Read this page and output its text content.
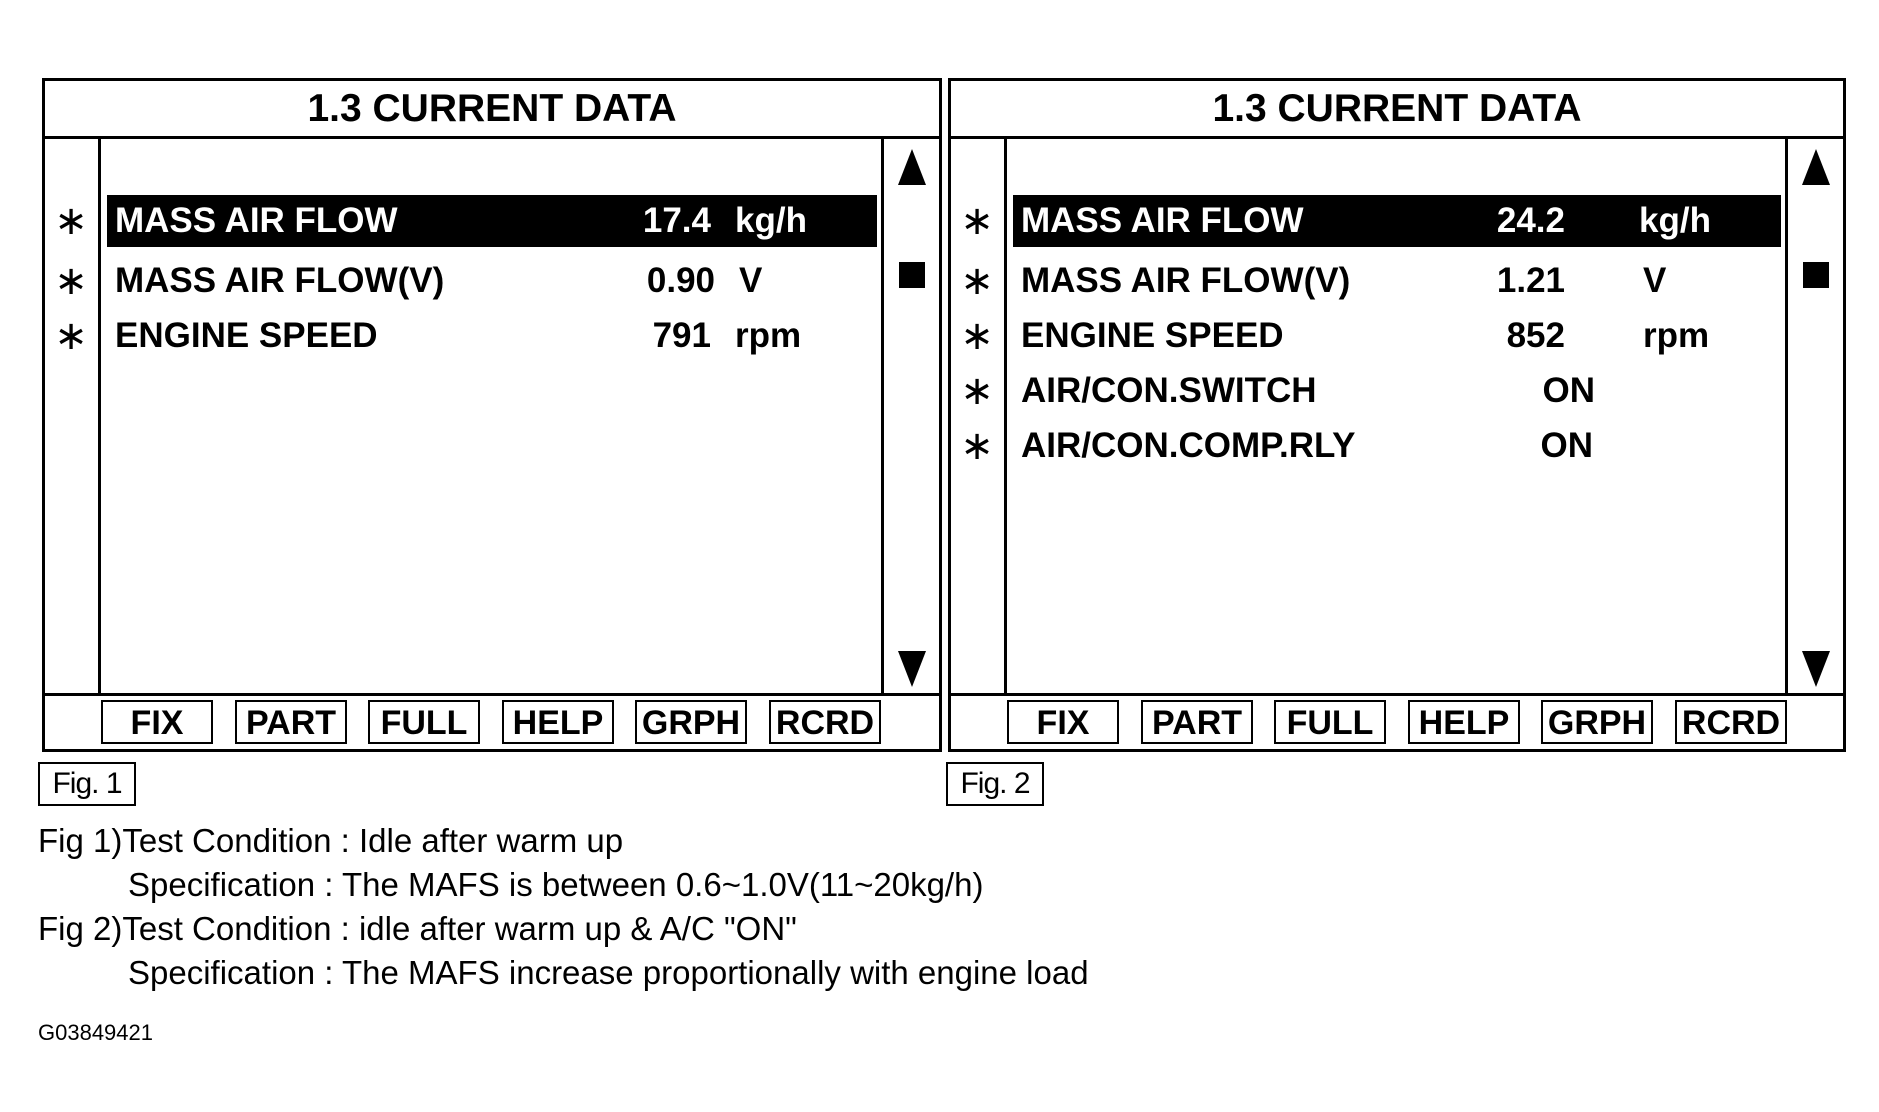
1.3 CURRENT DATA
∗ MASS AIR FLOW	17.4 kg/h
∗ MASS AIR FLOW(V)	0.90 V
∗ ENGINE SPEED	791 rpm
FIX	PART	FULL	HELP	GRPH RCRD
1.3 CURRENT DATA
∗ MASS AIR FLOW	24.2 kg/h
∗ MASS AIR FLOW(V)	1.21 V
∗ ENGINE SPEED	852 rpm
∗ AIR/CON.SWITCH	ON
∗ AIR/CON.COMP.RLY	ON
FIX	PART	FULL	HELP	GRPH RCRD
Fig. 1	Fig. 2
Fig 1)Test Condition : Idle after warm up
Specification : The MAFS is between 0.6~1.0V(11~20kg/h)
Fig 2)Test Condition : idle after warm up & A/C "ON"
Specification : The MAFS increase proportionally with engine load
G03849421
